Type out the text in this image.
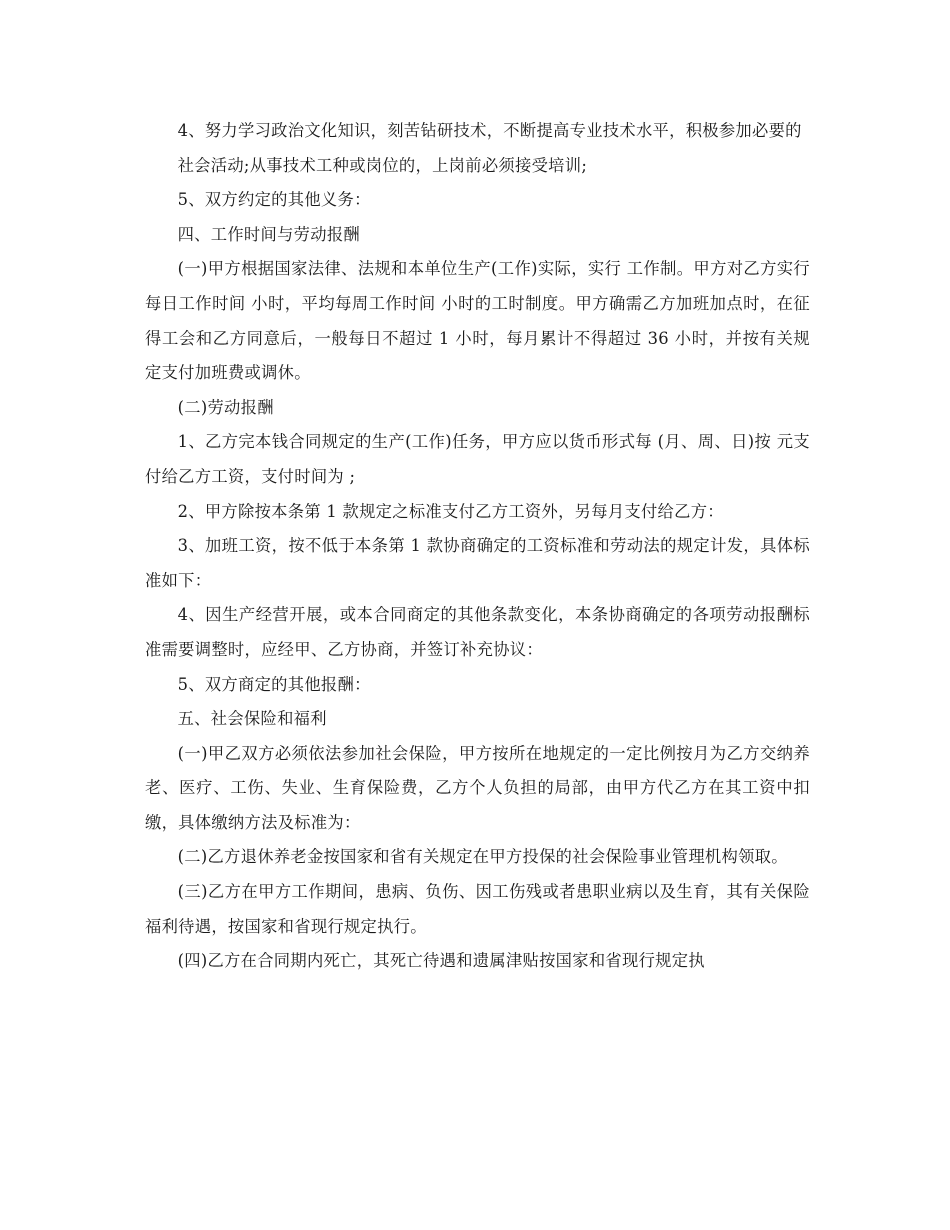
4、努力学习政治文化知识，刻苦钻研技术，不断提高专业技术水平，积极参加必要的

社会活动;从事技术工种或岗位的，上岗前必须接受培训;

5、双方约定的其他义务：

四、工作时间与劳动报酬

(一)甲方根据国家法律、法规和本单位生产(工作)实际，实行 工作制。甲方对乙方实行每日工作时间 小时，平均每周工作时间 小时的工时制度。甲方确需乙方加班加点时，在征得工会和乙方同意后，一般每日不超过 1 小时，每月累计不得超过 36 小时，并按有关规定支付加班费或调休。

(二)劳动报酬

1、乙方完本钱合同规定的生产(工作)任务，甲方应以货币形式每 (月、周、日)按 元支付给乙方工资，支付时间为 ;

2、甲方除按本条第 1 款规定之标准支付乙方工资外，另每月支付给乙方：

3、加班工资，按不低于本条第 1 款协商确定的工资标准和劳动法的规定计发，具体标准如下：

4、因生产经营开展，或本合同商定的其他条款变化，本条协商确定的各项劳动报酬标准需要调整时，应经甲、乙方协商，并签订补充协议：

5、双方商定的其他报酬：

五、社会保险和福利

(一)甲乙双方必须依法参加社会保险，甲方按所在地规定的一定比例按月为乙方交纳养老、医疗、工伤、失业、生育保险费，乙方个人负担的局部，由甲方代乙方在其工资中扣缴，具体缴纳方法及标准为：

(二)乙方退休养老金按国家和省有关规定在甲方投保的社会保险事业管理机构领取。

(三)乙方在甲方工作期间，患病、负伤、因工伤残或者患职业病以及生育，其有关保险福利待遇，按国家和省现行规定执行。

(四)乙方在合同期内死亡，其死亡待遇和遗属津贴按国家和省现行规定执
